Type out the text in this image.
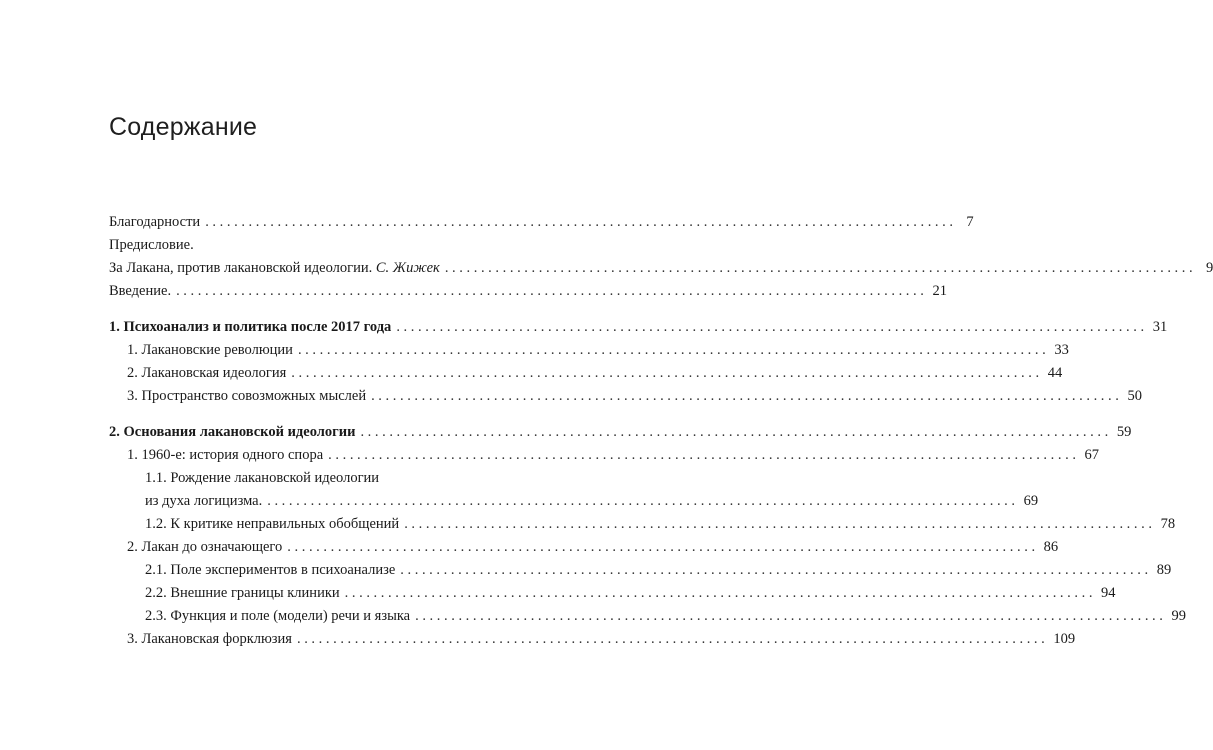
Содержание
Благодарности ........................................................................................................ 7
Предисловие.
За Лакана, против лакановской идеологии. С. Жижек ........................................................................................................ 9
Введение. ........................................................................................................ 21
1. Психоанализ и политика после 2017 года ........................................................................................................ 31
1. Лакановские революции ........................................................................................................ 33
2. Лакановская идеология ........................................................................................................ 44
3. Пространство совозможных мыслей ........................................................................................................ 50
2. Основания лакановской идеологии ........................................................................................................ 59
1. 1960-е: история одного спора ........................................................................................................ 67
1.1. Рождение лакановской идеологии
из духа логицизма. ........................................................................................................ 69
1.2. К критике неправильных обобщений ........................................................................................................ 78
2. Лакан до означающего ........................................................................................................ 86
2.1. Поле экспериментов в психоанализе ........................................................................................................ 89
2.2. Внешние границы клиники ........................................................................................................ 94
2.3. Функция и поле (модели) речи и языка ........................................................................................................ 99
3. Лакановская форклюзия ........................................................................................................ 109
